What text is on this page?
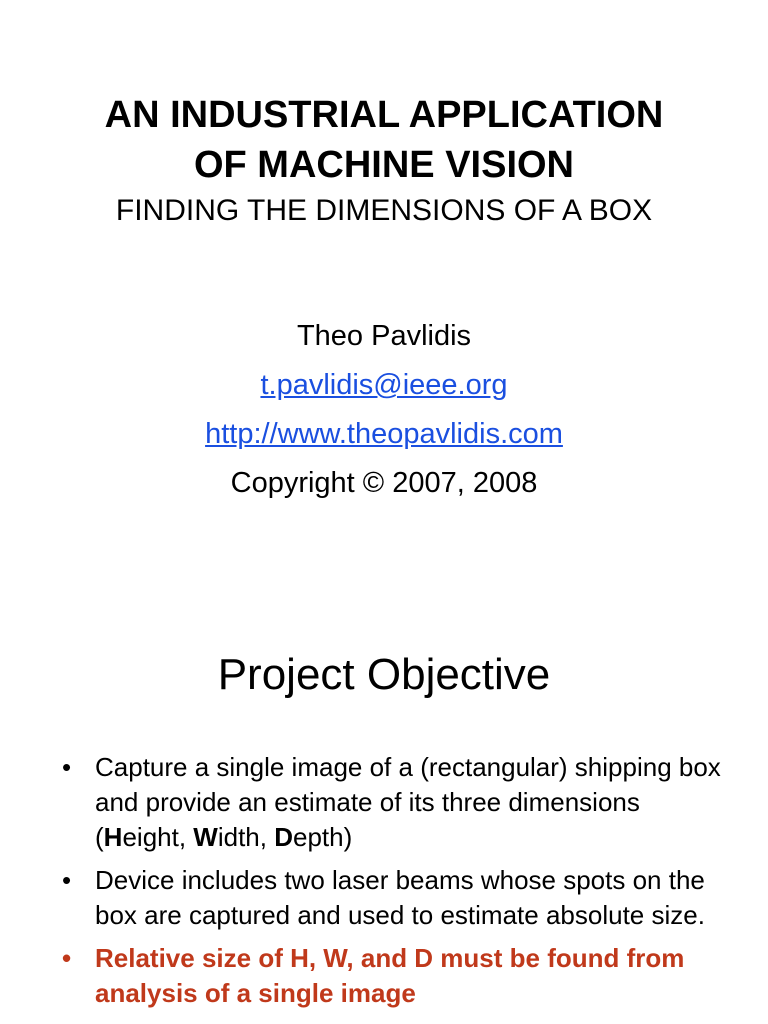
AN INDUSTRIAL APPLICATION
OF MACHINE VISION
FINDING THE DIMENSIONS OF A BOX
Theo Pavlidis
t.pavlidis@ieee.org
http://www.theopavlidis.com
Copyright © 2007, 2008
Project Objective
• Capture a single image of a (rectangular) shipping box and provide an estimate of its three dimensions (Height, Width, Depth)
• Device includes two laser beams whose spots on the box are captured and used to estimate absolute size.
• Relative size of H, W, and D must be found from analysis of a single image
